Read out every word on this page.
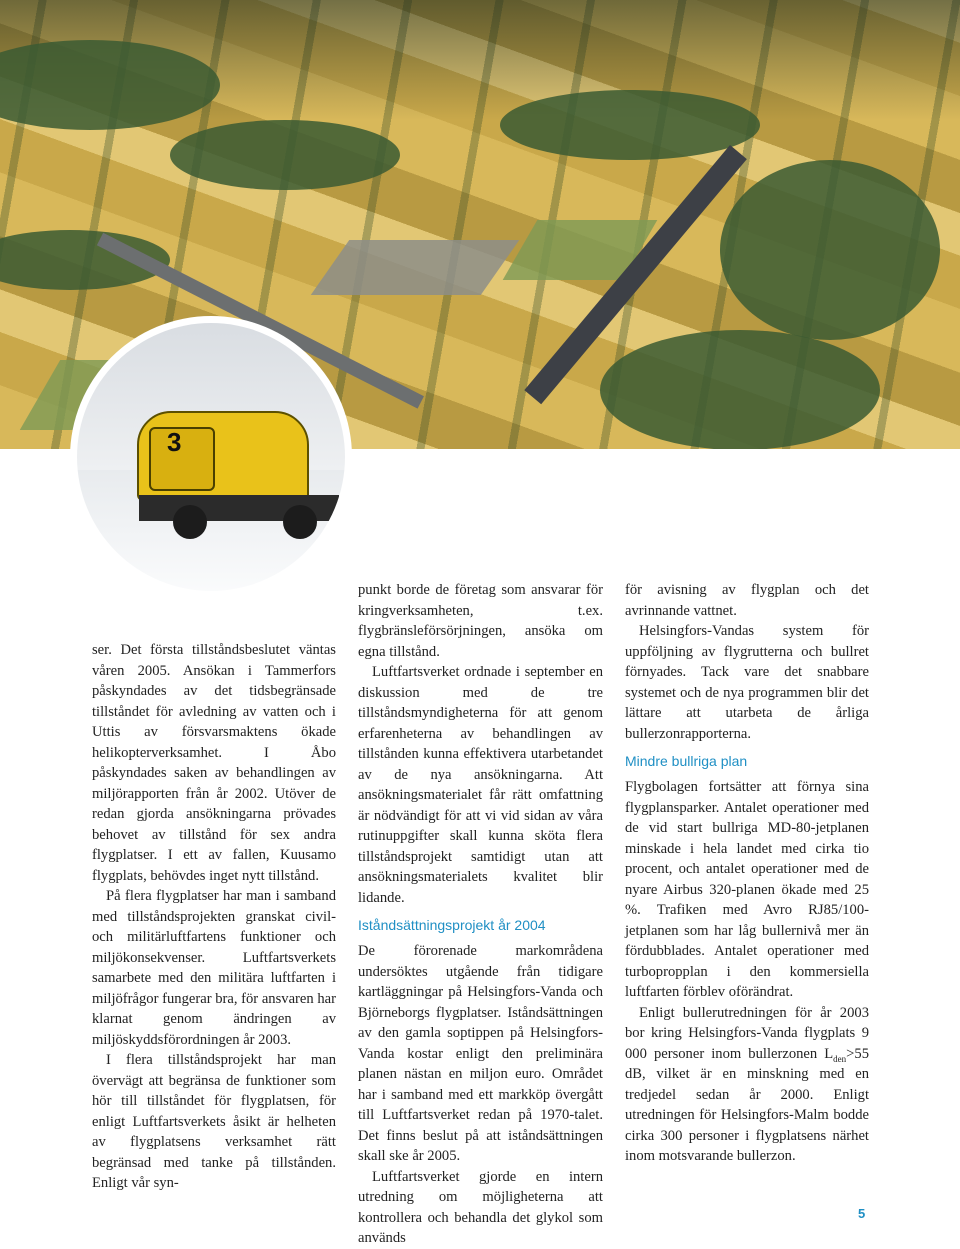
3

ser. Det första tillståndsbeslutet väntas våren 2005. Ansökan i Tammerfors påskyndades av det tidsbegränsade tillståndet för avledning av vatten och i Uttis av försvarsmaktens ökade helikopterverksamhet. I Åbo påskyndades saken av behandlingen av miljörapporten från år 2002. Utöver de redan gjorda ansökningarna prövades behovet av tillstånd för sex andra flygplatser. I ett av fallen, Kuusamo flygplats, behövdes inget nytt tillstånd.

På flera flygplatser har man i samband med tillståndsprojekten granskat civil- och militärluftfartens funktioner och miljökonsekvenser. Luftfartsverkets samarbete med den militära luftfarten i miljöfrågor fungerar bra, för ansvaren har klarnat genom ändringen av miljöskyddsförordningen år 2003.

I flera tillståndsprojekt har man övervägt att begränsa de funktioner som hör till tillståndet för flygplatsen, för enligt Luftfartsverkets åsikt är helheten av flygplatsens verksamhet rätt begränsad med tanke på tillstånden. Enligt vår syn-

punkt borde de företag som ansvarar för kringverksamheten, t.ex. flygbränsleförsörjningen, ansöka om egna tillstånd.

Luftfartsverket ordnade i september en diskussion med de tre tillståndsmyndigheterna för att genom erfarenheterna av behandlingen av tillstånden kunna effektivera utarbetandet av de nya ansökningarna. Att ansökningsmaterialet får rätt omfattning är nödvändigt för att vi vid sidan av våra rutinuppgifter skall kunna sköta flera tillståndsprojekt samtidigt utan att ansökningsmaterialets kvalitet blir lidande.

Iståndsättningsprojekt år 2004

De förorenade markområdena undersöktes utgående från tidigare kartläggningar på Helsingfors-Vanda och Björneborgs flygplatser. Iståndsättningen av den gamla soptippen på Helsingfors-Vanda kostar enligt den preliminära planen nästan en miljon euro. Området har i samband med ett markköp övergått till Luftfartsverket redan på 1970-talet. Det finns beslut på att iståndsättningen skall ske år 2005.

Luftfartsverket gjorde en intern utredning om möjligheterna att kontrollera och behandla det glykol som används

för avisning av flygplan och det avrinnande vattnet.

Helsingfors-Vandas system för uppföljning av flygrutterna och bullret förnyades. Tack vare det snabbare systemet och de nya programmen blir det lättare att utarbeta de årliga bullerzonrapporterna.

Mindre bullriga plan

Flygbolagen fortsätter att förnya sina flygplansparker. Antalet operationer med de vid start bullriga MD-80-jetplanen minskade i hela landet med cirka tio procent, och antalet operationer med de nyare Airbus 320-planen ökade med 25 %. Trafiken med Avro RJ85/100-jetplanen som har låg bullernivå mer än fördubblades. Antalet operationer med turbopropplan i den kommersiella luftfarten förblev oförändrat.

Enligt bullerutredningen för år 2003 bor kring Helsingfors-Vanda flygplats 9 000 personer inom bullerzonen $L_{den}>55$ dB, vilket är en minskning med en tredjedel sedan år 2000. Enligt utredningen för Helsingfors-Malm bodde cirka 300 personer i flygplatsens närhet inom motsvarande bullerzon.

5
